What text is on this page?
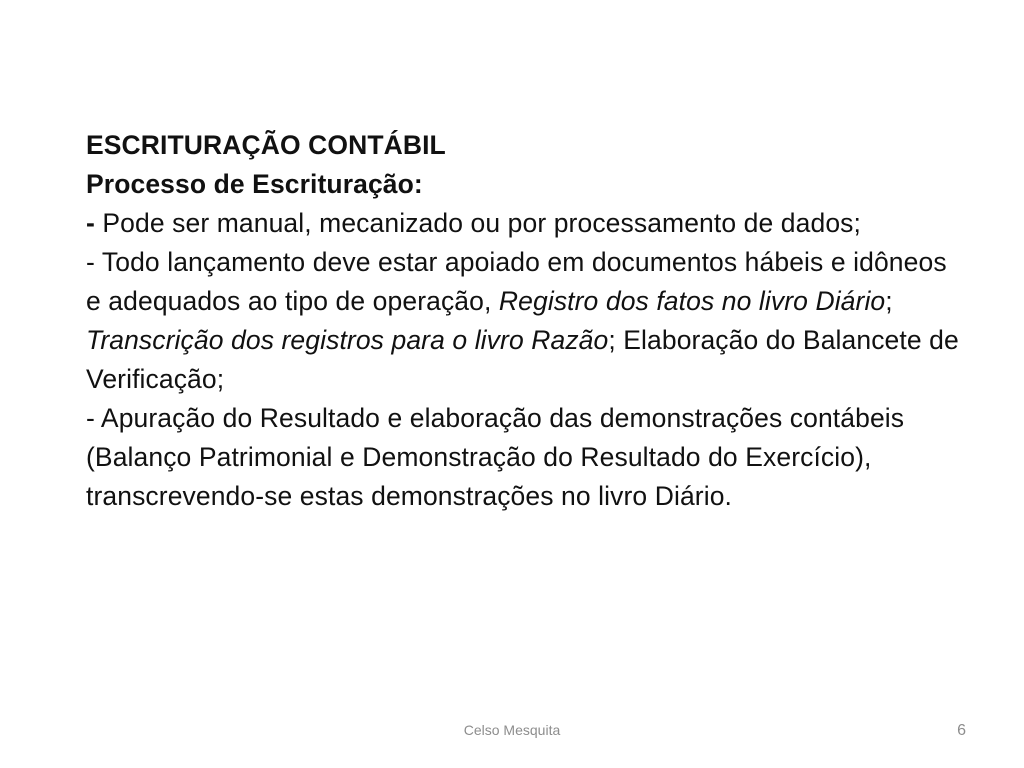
ESCRITURAÇÃO CONTÁBIL
Processo de Escrituração:
- Pode ser manual, mecanizado ou por processamento de dados;
- Todo lançamento deve estar apoiado em documentos hábeis e idôneos e adequados ao tipo de operação, Registro dos fatos no livro Diário; Transcrição dos registros para o livro Razão; Elaboração do Balancete de Verificação;
- Apuração do Resultado e elaboração das demonstrações contábeis (Balanço Patrimonial e Demonstração do Resultado do Exercício), transcrevendo-se estas demonstrações no livro Diário.
Celso Mesquita	6
